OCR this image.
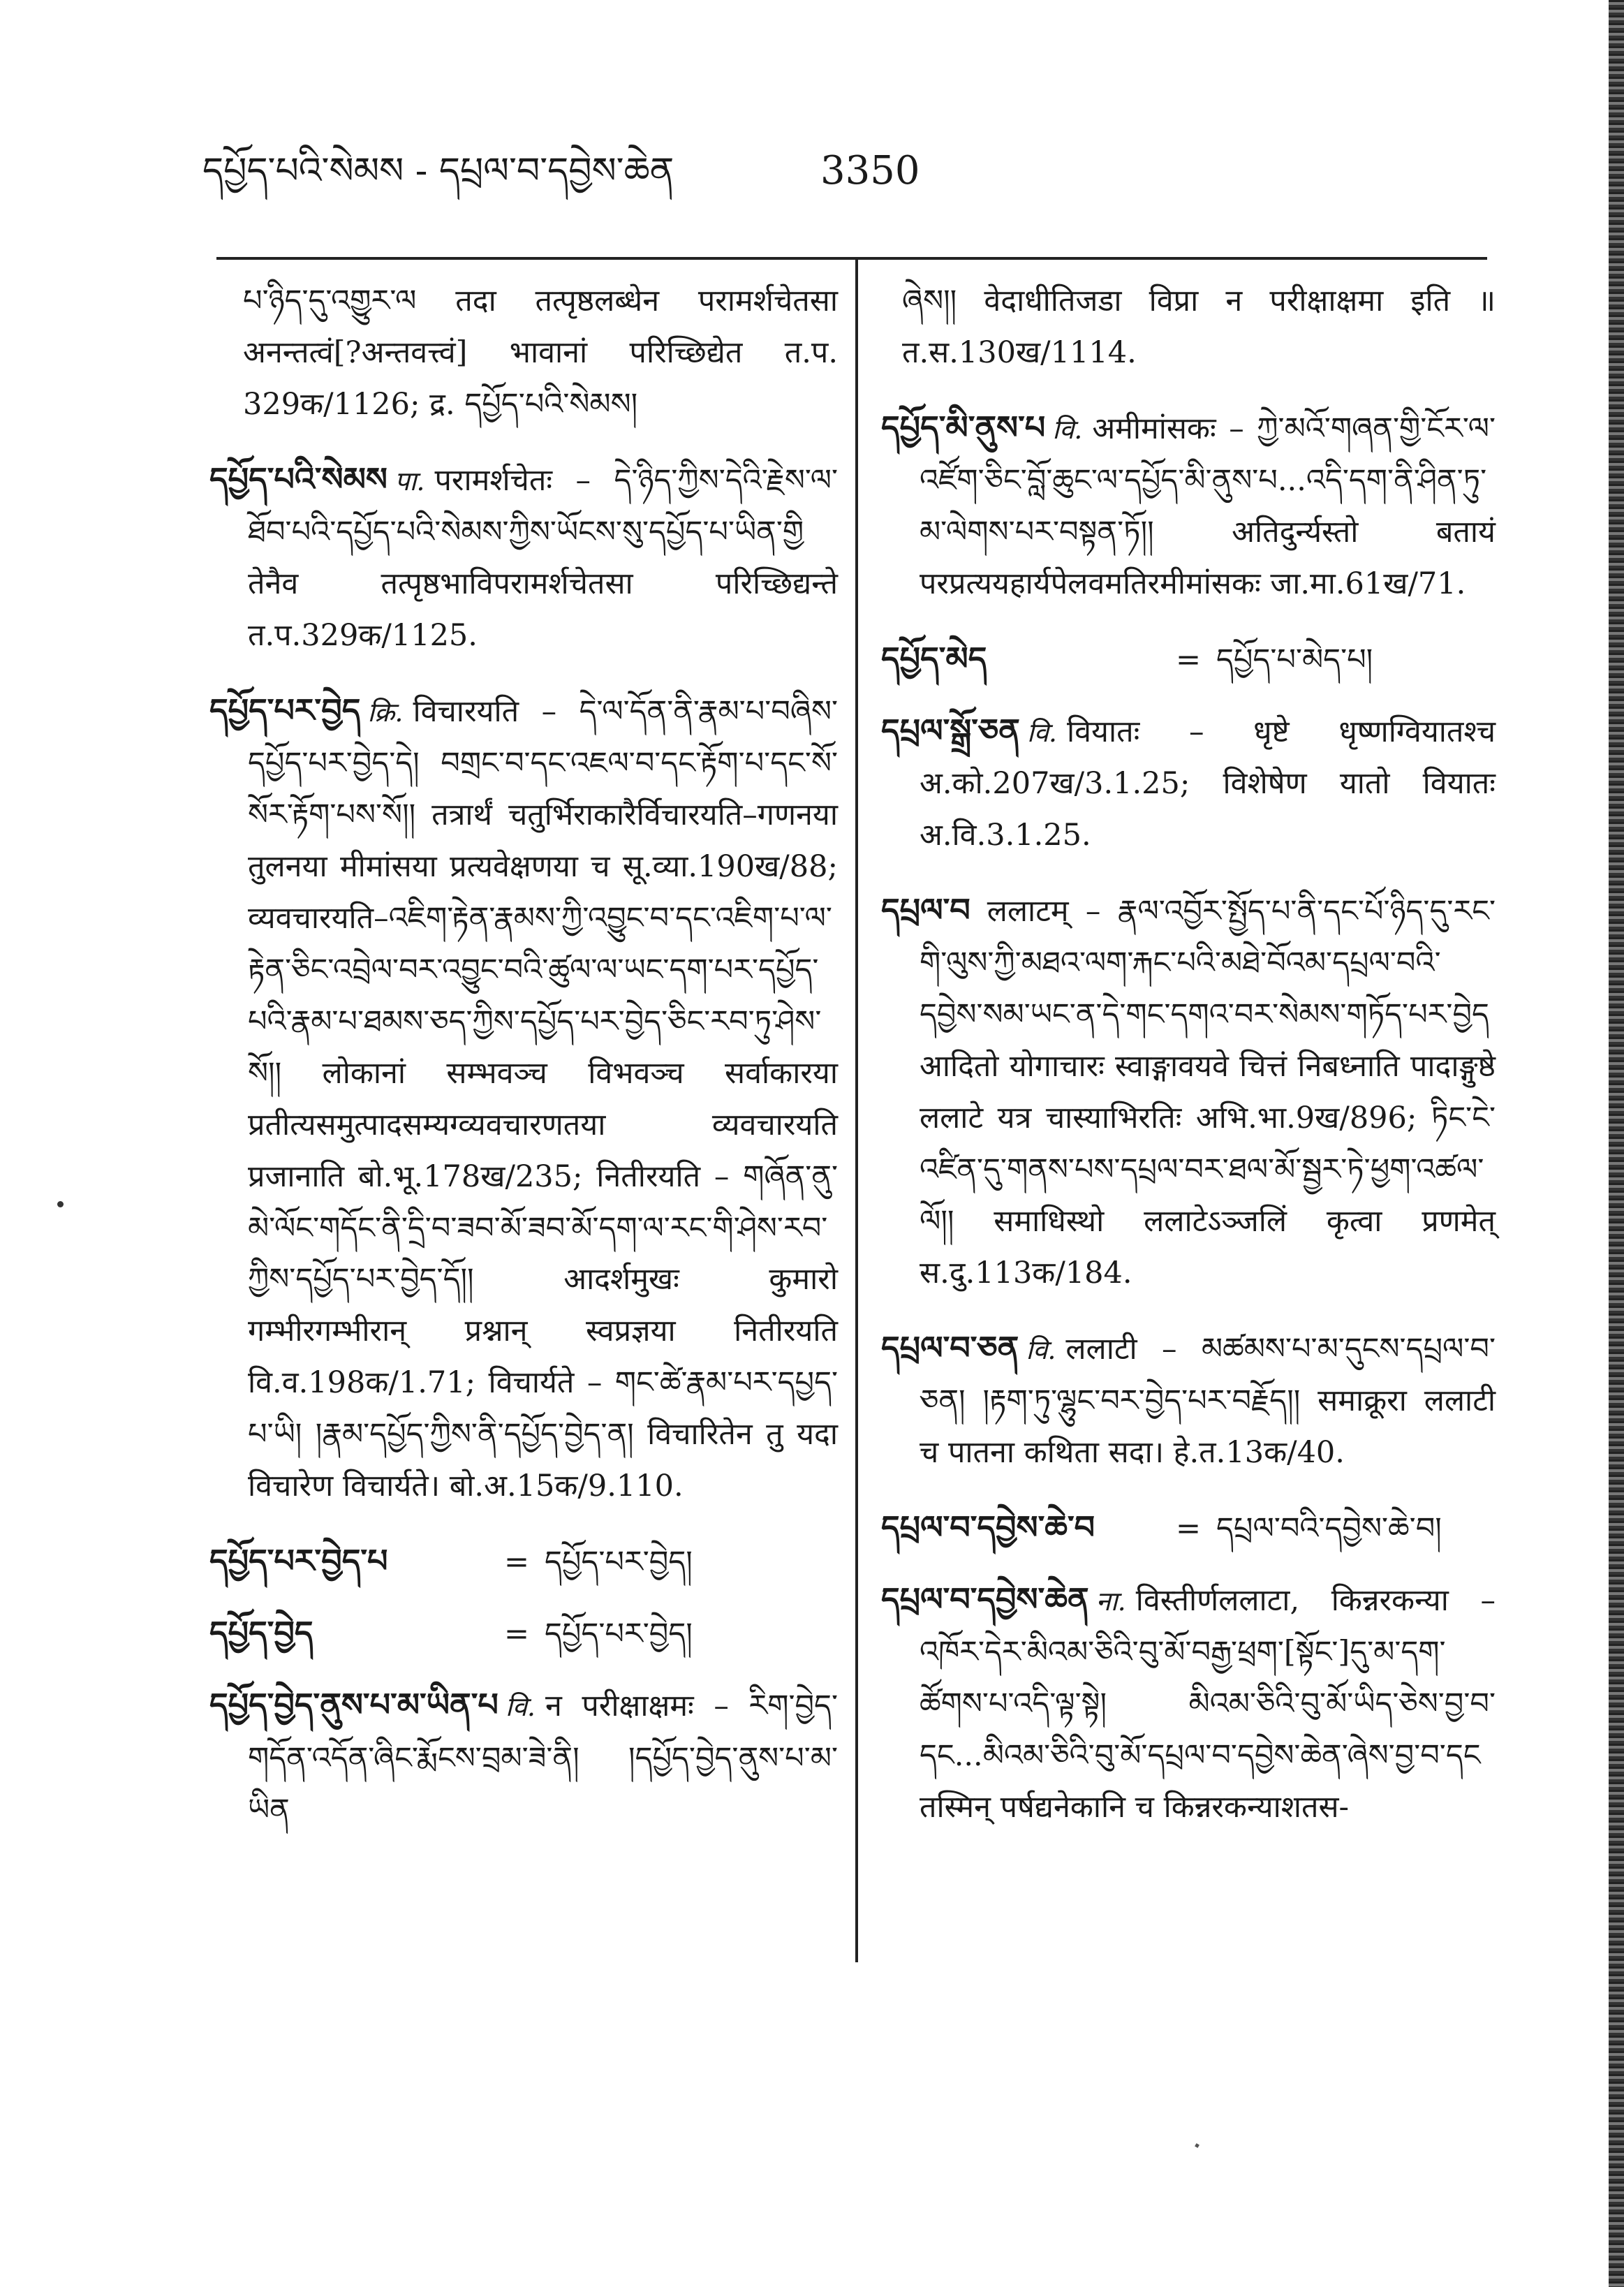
དཔྱོད་པའི་སེམས - དཔྲལ་བ་དབྱེས་ཆེན	3350

པ་ཉིད་དུ་འགྱུར་ལ तदा तत्पृष्ठलब्धेन परामर्शचेतसा अनन्तत्वं[?अन्तवत्त्वं] भावानां परिच्छिद्येत त.प. 329क/1126; द्र. དཔྱོད་པའི་སེམས།

དཔྱོད་པའི་སེམས पा. परामर्शचेतः – དེ་ཉིད་ཀྱིས་དེའི་རྗེས་ལ་ཐོབ་པའི་དཔྱོད་པའི་སེམས་ཀྱིས་ཡོངས་སུ་དཔྱོད་པ་ཡིན་གྱི तेनैव तत्पृष्ठभाविपरामर्शचेतसा परिच्छिद्यन्ते त.प.329क/1125.

དཔྱོད་པར་བྱེད क्रि. विचारयति – དེ་ལ་དོན་ནི་རྣམ་པ་བཞིས་དཔྱོད་པར་བྱེད་དེ། བགྲང་བ་དང་འཇལ་བ་དང་རྟོག་པ་དང་སོ་སོར་རྟོག་པས་སོ།། तत्रार्थं चतुर्भिराकारैर्विचारयति–गणनया तुलनया मीमांसया प्रत्यवेक्षणया च सू.व्या.190ख/88; व्यवचारयति–འཇིག་རྟེན་རྣམས་ཀྱི་འབྱུང་བ་དང་འཇིག་པ་ལ་རྟེན་ཅིང་འབྲེལ་བར་འབྱུང་བའི་ཚུལ་ལ་ཡང་དག་པར་དཔྱོད་པའི་རྣམ་པ་ཐམས་ཅད་ཀྱིས་དཔྱོད་པར་བྱེད་ཅིང་རབ་ཏུ་ཤེས་སོ།། लोकानां सम्भवञ्च विभवञ्च सर्वाकारया प्रतीत्यसमुत्पादसम्यग्व्यवचारणतया व्यवचारयति प्रजानाति बो.भू.178ख/235; नितीरयति – གཞོན་ནུ་མེ་ལོང་གདོང་ནི་དྲི་བ་ཟབ་མོ་ཟབ་མོ་དག་ལ་རང་གི་ཤེས་རབ་ཀྱིས་དཔྱོད་པར་བྱེད་དོ།། आदर्शमुखः कुमारो गम्भीरगम्भीरान् प्रश्नान् स्वप्रज्ञया नितीरयति वि.व.198क/1.71; विचार्यते – གང་ཚེ་རྣམ་པར་དཔྱད་པ་ཡི། །རྣམ་དཔྱོད་ཀྱིས་ནི་དཔྱོད་བྱེད་ན། विचारितेन तु यदा विचारेण विचार्यते। बो.अ.15क/9.110.

དཔྱོད་པར་བྱེད་པ	= དཔྱོད་པར་བྱེད།
དཔྱོད་བྱེད	= དཔྱོད་པར་བྱེད།

དཔྱོད་བྱེད་ནུས་པ་མ་ཡིན་པ वि. न परीक्षाक्षमः – རིག་བྱེད་གདོན་འདོན་ཞིང་རྨོངས་བྲམ་ཟེ་ནི། །དཔྱོད་བྱེད་ནུས་པ་མ་ཡིན

ཞེས།། वेदाधीतिजडा विप्रा न परीक्षाक्षमा इति ॥ त.स.130ख/1114.

དཔྱོད་མི་ནུས་པ वि. अमीमांसकः – ཀྱེ་མའོ་གཞན་གྱི་ངོར་ལ་འཛོག་ཅིང་བློ་ཆུང་ལ་དཔྱོད་མི་ནུས་པ...འདི་དག་ནི་ཤིན་ཏུ་མ་ལེགས་པར་བསྟན་ཏོ།། अतिदुर्न्यस्तो बतायं परप्रत्ययहार्यपेलवमतिरमीमांसकः जा.मा.61ख/71.

དཔྱོད་མེད	= དཔྱོད་པ་མེད་པ།

དཔྲལ་སྒྲོ་ཅན वि. वियातः – धृष्टे धृष्णग्वियातश्च अ.को.207ख/3.1.25; विशेषेण यातो वियातः अ.वि.3.1.25.

དཔྲལ་བ ललाटम् – རྣལ་འབྱོར་སྤྱོད་པ་ནི་དང་པོ་ཉིད་དུ་རང་གི་ལུས་ཀྱི་མཐའ་ལག་རྐང་པའི་མཐེ་བོའམ་དཔྲལ་བའི་དབྱེས་སམ་ཡང་ན་དེ་གང་དགའ་བར་སེམས་གཏོད་པར་བྱེད आदितो योगाचारः स्वाङ्गावयवे चित्तं निबध्नाति पादाङ्गुष्ठे ललाटे यत्र चास्याभिरतिः अभि.भा.9ख/896; ཏིང་ངེ་འཛིན་དུ་གནས་པས་དཔྲལ་བར་ཐལ་མོ་སྦྱར་ཏེ་ཕྱག་འཚལ་ལོ།། समाधिस्थो ललाटेऽञ्जलिं कृत्वा प्रणमेत् स.दु.113क/184.

དཔྲལ་བ་ཅན वि. ललाटी – མཚམས་པ་མ་དུངས་དཔྲལ་བ་ཅན། །རྟག་ཏུ་ལྷུང་བར་བྱེད་པར་བརྗོད།། समाक्रूरा ललाटी च पातना कथिता सदा। हे.त.13क/40.

དཔྲལ་བ་དབྱེས་ཆེ་བ	= དཔྲལ་བའི་དབྱེས་ཆེ་བ།

དཔྲལ་བ་དབྱེས་ཆེན ना. विस्तीर्णललाटा, किन्नरकन्या – འཁོར་དེར་མིའམ་ཅིའི་བུ་མོ་བརྒྱ་ཕྲག་[སྟོང་]དུ་མ་དག་ཚོགས་པ་འདི་ལྟ་སྟེ། མིའམ་ཅིའི་བུ་མོ་ཡིད་ཅེས་བྱ་བ་དང...མིའམ་ཅིའི་བུ་མོ་དཔྲལ་བ་དབྱེས་ཆེན་ཞེས་བྱ་བ་དང तस्मिन् पर्षद्यनेकानि च किन्नरकन्याशतस-
